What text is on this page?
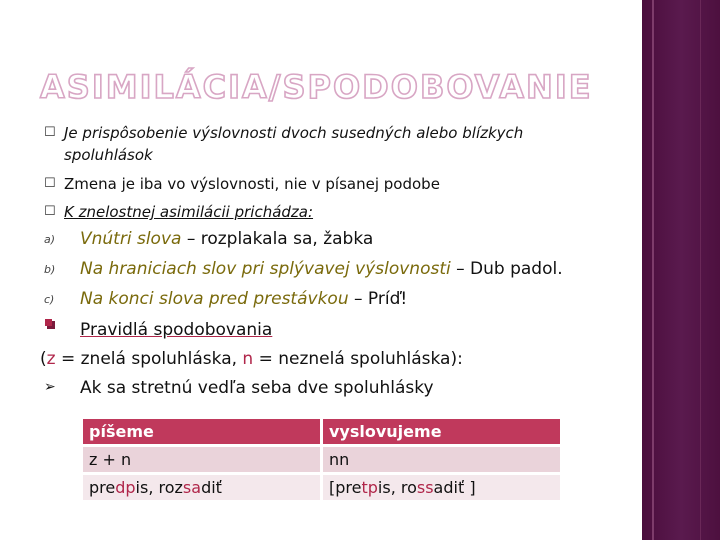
ASIMILÁCIA/SPODOBOVANIE
☐ Je prispôsobenie výslovnosti dvoch susedných alebo blízkych
spoluhlások
☐ Zmena je iba vo výslovnosti, nie v písanej podobe
☐ K znelostnej asimilácii prichádza:
a) Vnútri slova – rozplakala sa, žabka
b) Na hraniciach slov pri splývavej výslovnosti – Dub padol.
c) Na konci slova pred prestávkou – Príď!
Pravidlá spodobovania
(z = znelá spoluhláska, n = neznelá spoluhláska):
➢ Ak sa stretnú vedľa seba dve spoluhlásky
píšeme	vyslovujeme
z + n	nn
predpis, rozsadiť	[pretpis, rossadiť ]
